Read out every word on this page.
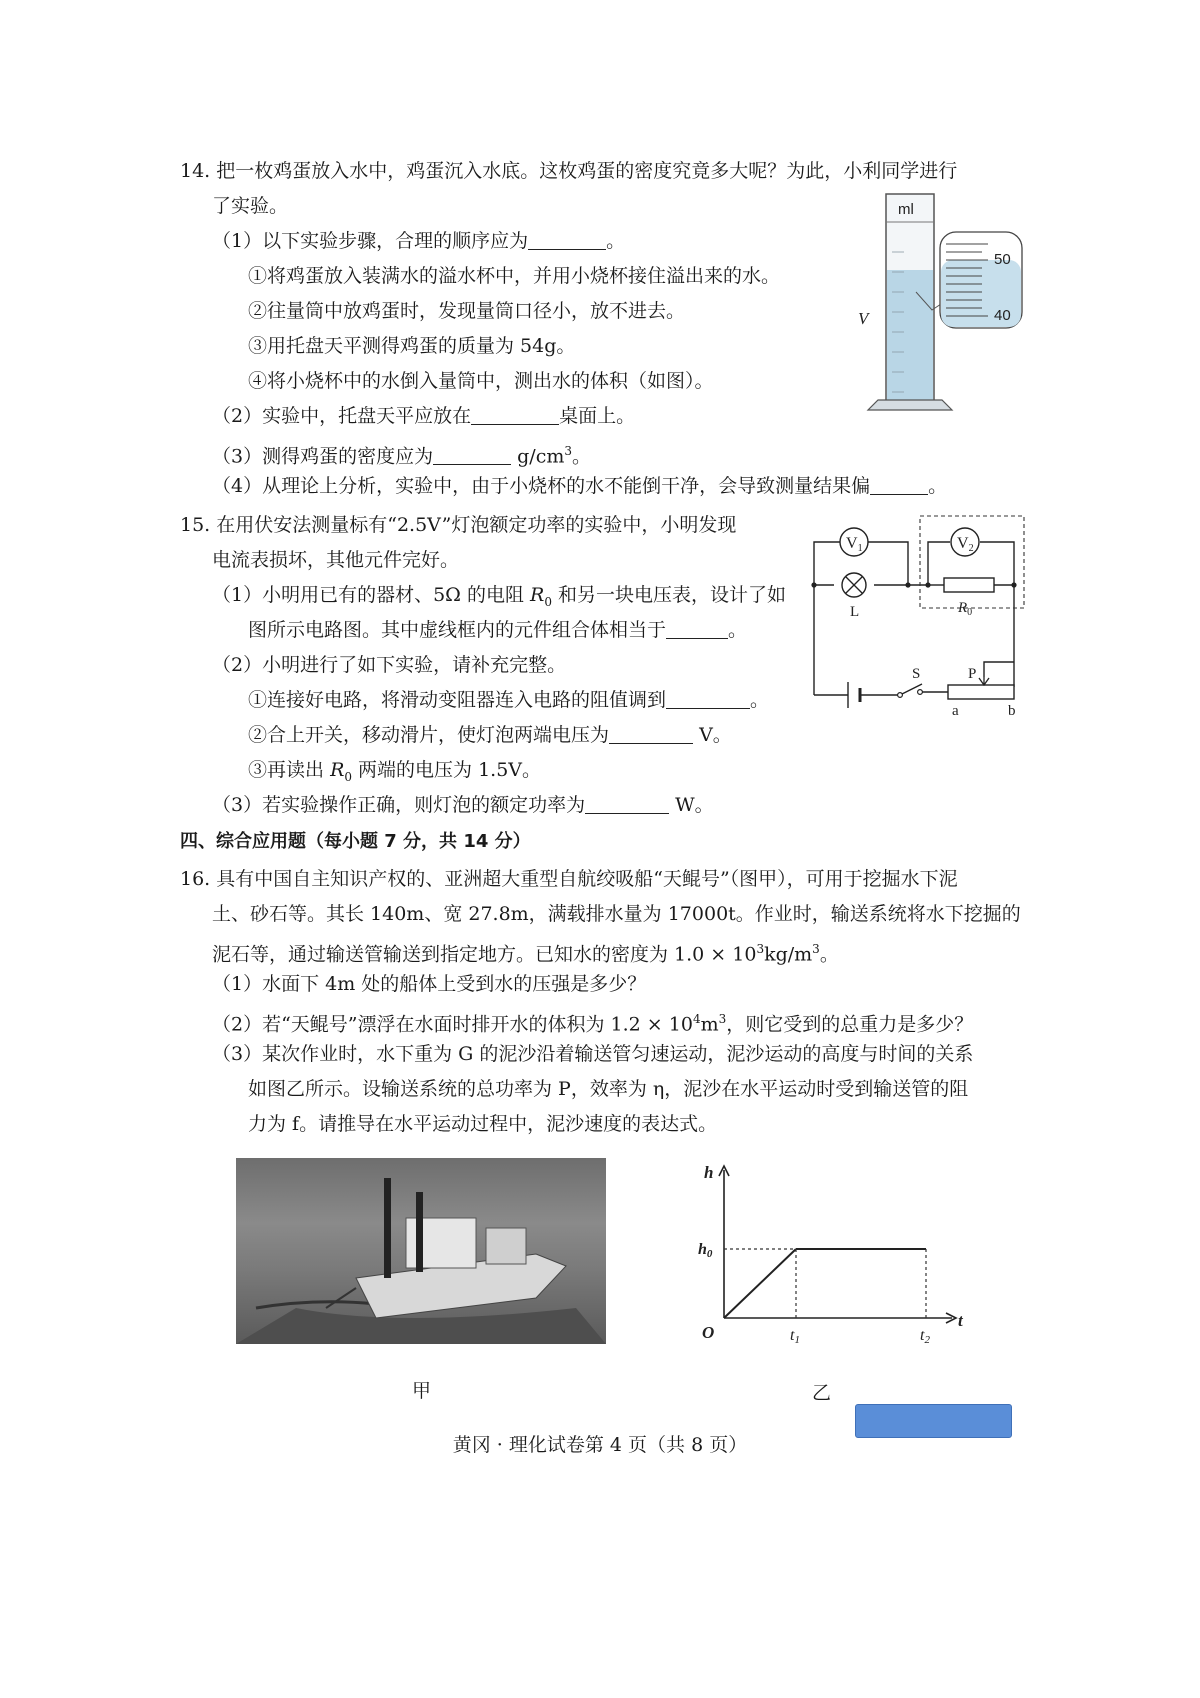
14. 把一枚鸡蛋放入水中，鸡蛋沉入水底。这枚鸡蛋的密度究竟多大呢？为此，小利同学进行
了实验。
（1）以下实验步骤，合理的顺序应为	。
①将鸡蛋放入装满水的溢水杯中，并用小烧杯接住溢出来的水。
②往量筒中放鸡蛋时，发现量筒口径小，放不进去。
③用托盘天平测得鸡蛋的质量为 54g。
④将小烧杯中的水倒入量筒中，测出水的体积（如图）。
（2）实验中，托盘天平应放在	桌面上。
（3）测得鸡蛋的密度应为	$g/cm^3$。
（4）从理论上分析，实验中，由于小烧杯的水不能倒干净，会导致测量结果偏	。
ml
V
50
40
15. 在用伏安法测量标有“2.5V”灯泡额定功率的实验中，小明发现
电流表损坏，其他元件完好。
（1）小明用已有的器材、5Ω 的电阻 $R_0$ 和另一块电压表，设计了如
图所示电路图。其中虚线框内的元件组合体相当于	。
（2）小明进行了如下实验，请补充完整。
①连接好电路，将滑动变阻器连入电路的阻值调到	。
②合上开关，移动滑片，使灯泡两端电压为	V。
③再读出 $R_0$ 两端的电压为 1.5V。
（3）若实验操作正确，则灯泡的额定功率为	W。
V1	V2
L	$R_0$
S	P
a	b
四、综合应用题（每小题 7 分，共 14 分）
16. 具有中国自主知识产权的、亚洲超大重型自航绞吸船“天鲲号”（图甲），可用于挖掘水下泥
土、砂石等。其长 140m、宽 27.8m，满载排水量为 17000t。作业时，输送系统将水下挖掘的
泥石等，通过输送管输送到指定地方。已知水的密度为 $1.0 \times 10^3kg/m^3$。
（1）水面下 4m 处的船体上受到水的压强是多少？
（2）若“天鲲号”漂浮在水面时排开水的体积为 $1.2 \times 10^4m^3$，则它受到的总重力是多少？
（3）某次作业时，水下重为 G 的泥沙沿着输送管匀速运动，泥沙运动的高度与时间的关系
如图乙所示。设输送系统的总功率为 P，效率为 η，泥沙在水平运动时受到输送管的阻
力为 f。请推导在水平运动过程中，泥沙速度的表达式。
甲
h
t
O
h0
t1	t2
乙
黄冈 · 理化试卷第 4 页（共 8 页）
